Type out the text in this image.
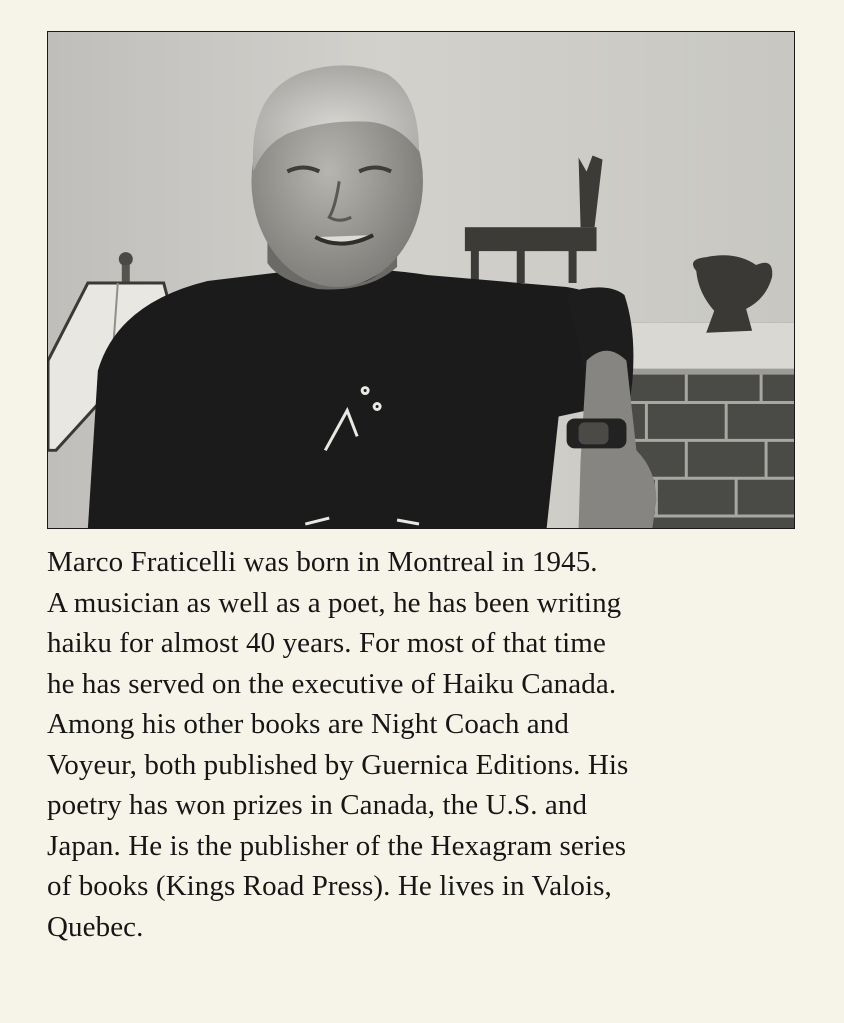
Marco Fraticelli was born in Montreal in 1945.
A musician as well as a poet, he has been writing
haiku for almost 40 years. For most of that time
he has served on the executive of Haiku Canada.
Among his other books are Night Coach and
Voyeur, both published by Guernica Editions. His
poetry has won prizes in Canada, the U.S. and
Japan. He is the publisher of the Hexagram series
of books (Kings Road Press). He lives in Valois,
Quebec.
